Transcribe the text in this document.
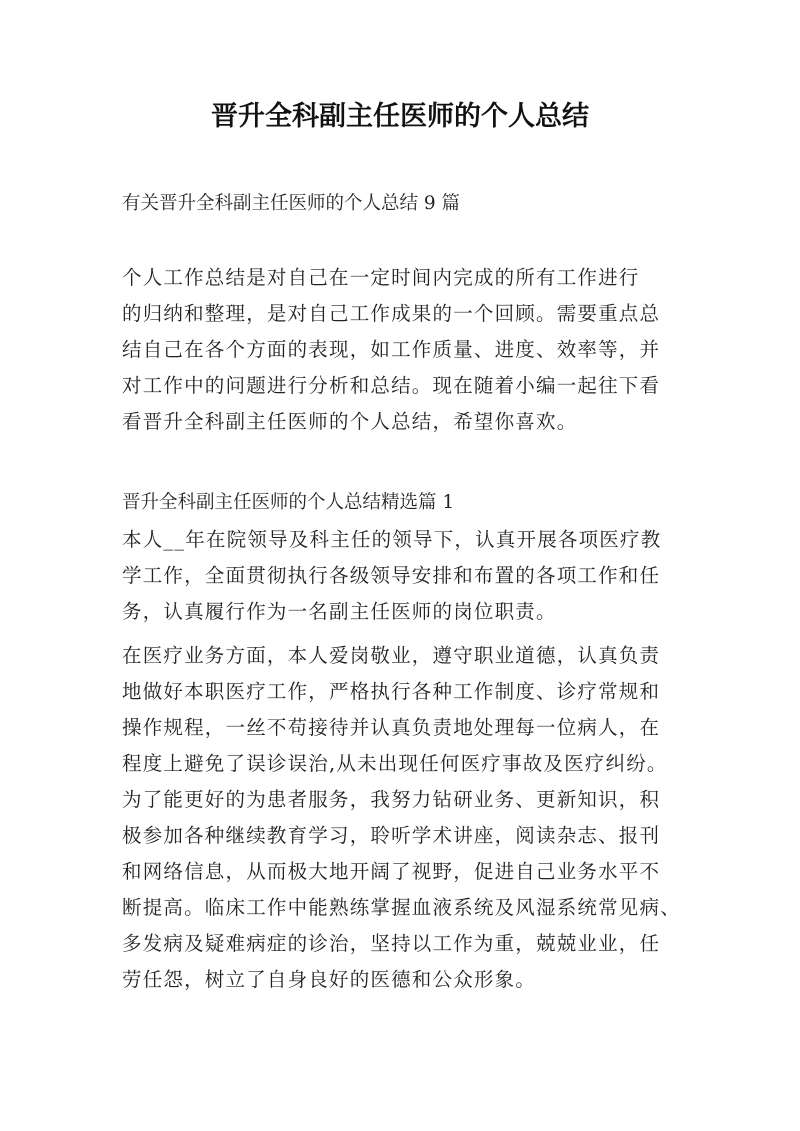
晋升全科副主任医师的个人总结
有关晋升全科副主任医师的个人总结 9 篇
个人工作总结是对自己在一定时间内完成的所有工作进行
的归纳和整理，是对自己工作成果的一个回顾。需要重点总
结自己在各个方面的表现，如工作质量、进度、效率等，并
对工作中的问题进行分析和总结。现在随着小编一起往下看
看晋升全科副主任医师的个人总结，希望你喜欢。
晋升全科副主任医师的个人总结精选篇 1
本人__年在院领导及科主任的领导下，认真开展各项医疗教
学工作，全面贯彻执行各级领导安排和布置的各项工作和任
务，认真履行作为一名副主任医师的岗位职责。
在医疗业务方面，本人爱岗敬业，遵守职业道德，认真负责
地做好本职医疗工作，严格执行各种工作制度、诊疗常规和
操作规程，一丝不苟接待并认真负责地处理每一位病人，在
程度上避免了误诊误治,从未出现任何医疗事故及医疗纠纷。
为了能更好的为患者服务，我努力钻研业务、更新知识，积
极参加各种继续教育学习，聆听学术讲座，阅读杂志、报刊
和网络信息，从而极大地开阔了视野，促进自己业务水平不
断提高。临床工作中能熟练掌握血液系统及风湿系统常见病、
多发病及疑难病症的诊治，坚持以工作为重，兢兢业业，任
劳任怨，树立了自身良好的医德和公众形象。
